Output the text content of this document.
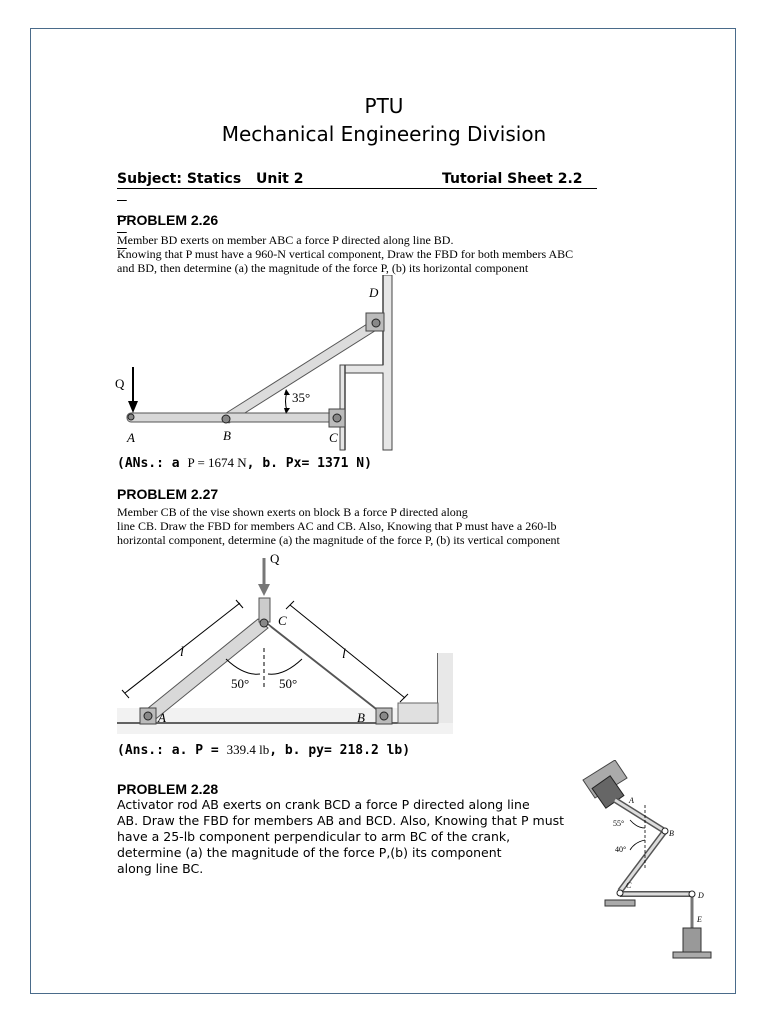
PTU
Mechanical Engineering Division

Subject: Statics

Unit 2

	Tutorial Sheet 2.2

PROBLEM 2.26
Member BD exerts on member ABC a force P directed along line BD.
Knowing that P must have a 960-N vertical component, Draw the FBD for both members ABC
and BD, then determine (a) the magnitude of the force P, (b) its horizontal component
D
Q
35°
A	B	C
(ANs.: a P = 1674 N, b. Px= 1371 N)
PROBLEM 2.27
Member CB of the vise shown exerts on block B a force P directed along
line CB. Draw the FBD for members AC and CB. Also, Knowing that P must have a 260-lb
horizontal component, determine (a) the magnitude of the force P, (b) its vertical component
Q
C
l	l
50° 50°
A	B
(Ans.: a. P = 339.4 lb, b. py= 218.2 lb)
PROBLEM 2.28
Activator rod AB exerts on crank BCD a force P directed along line
AB. Draw the FBD for members AB and BCD. Also, Knowing that P must
have a 25-lb component perpendicular to arm BC of the crank,
determine (a) the magnitude of the force P,(b) its component
along line BC.
A
B
C
D
E
55°
40°
